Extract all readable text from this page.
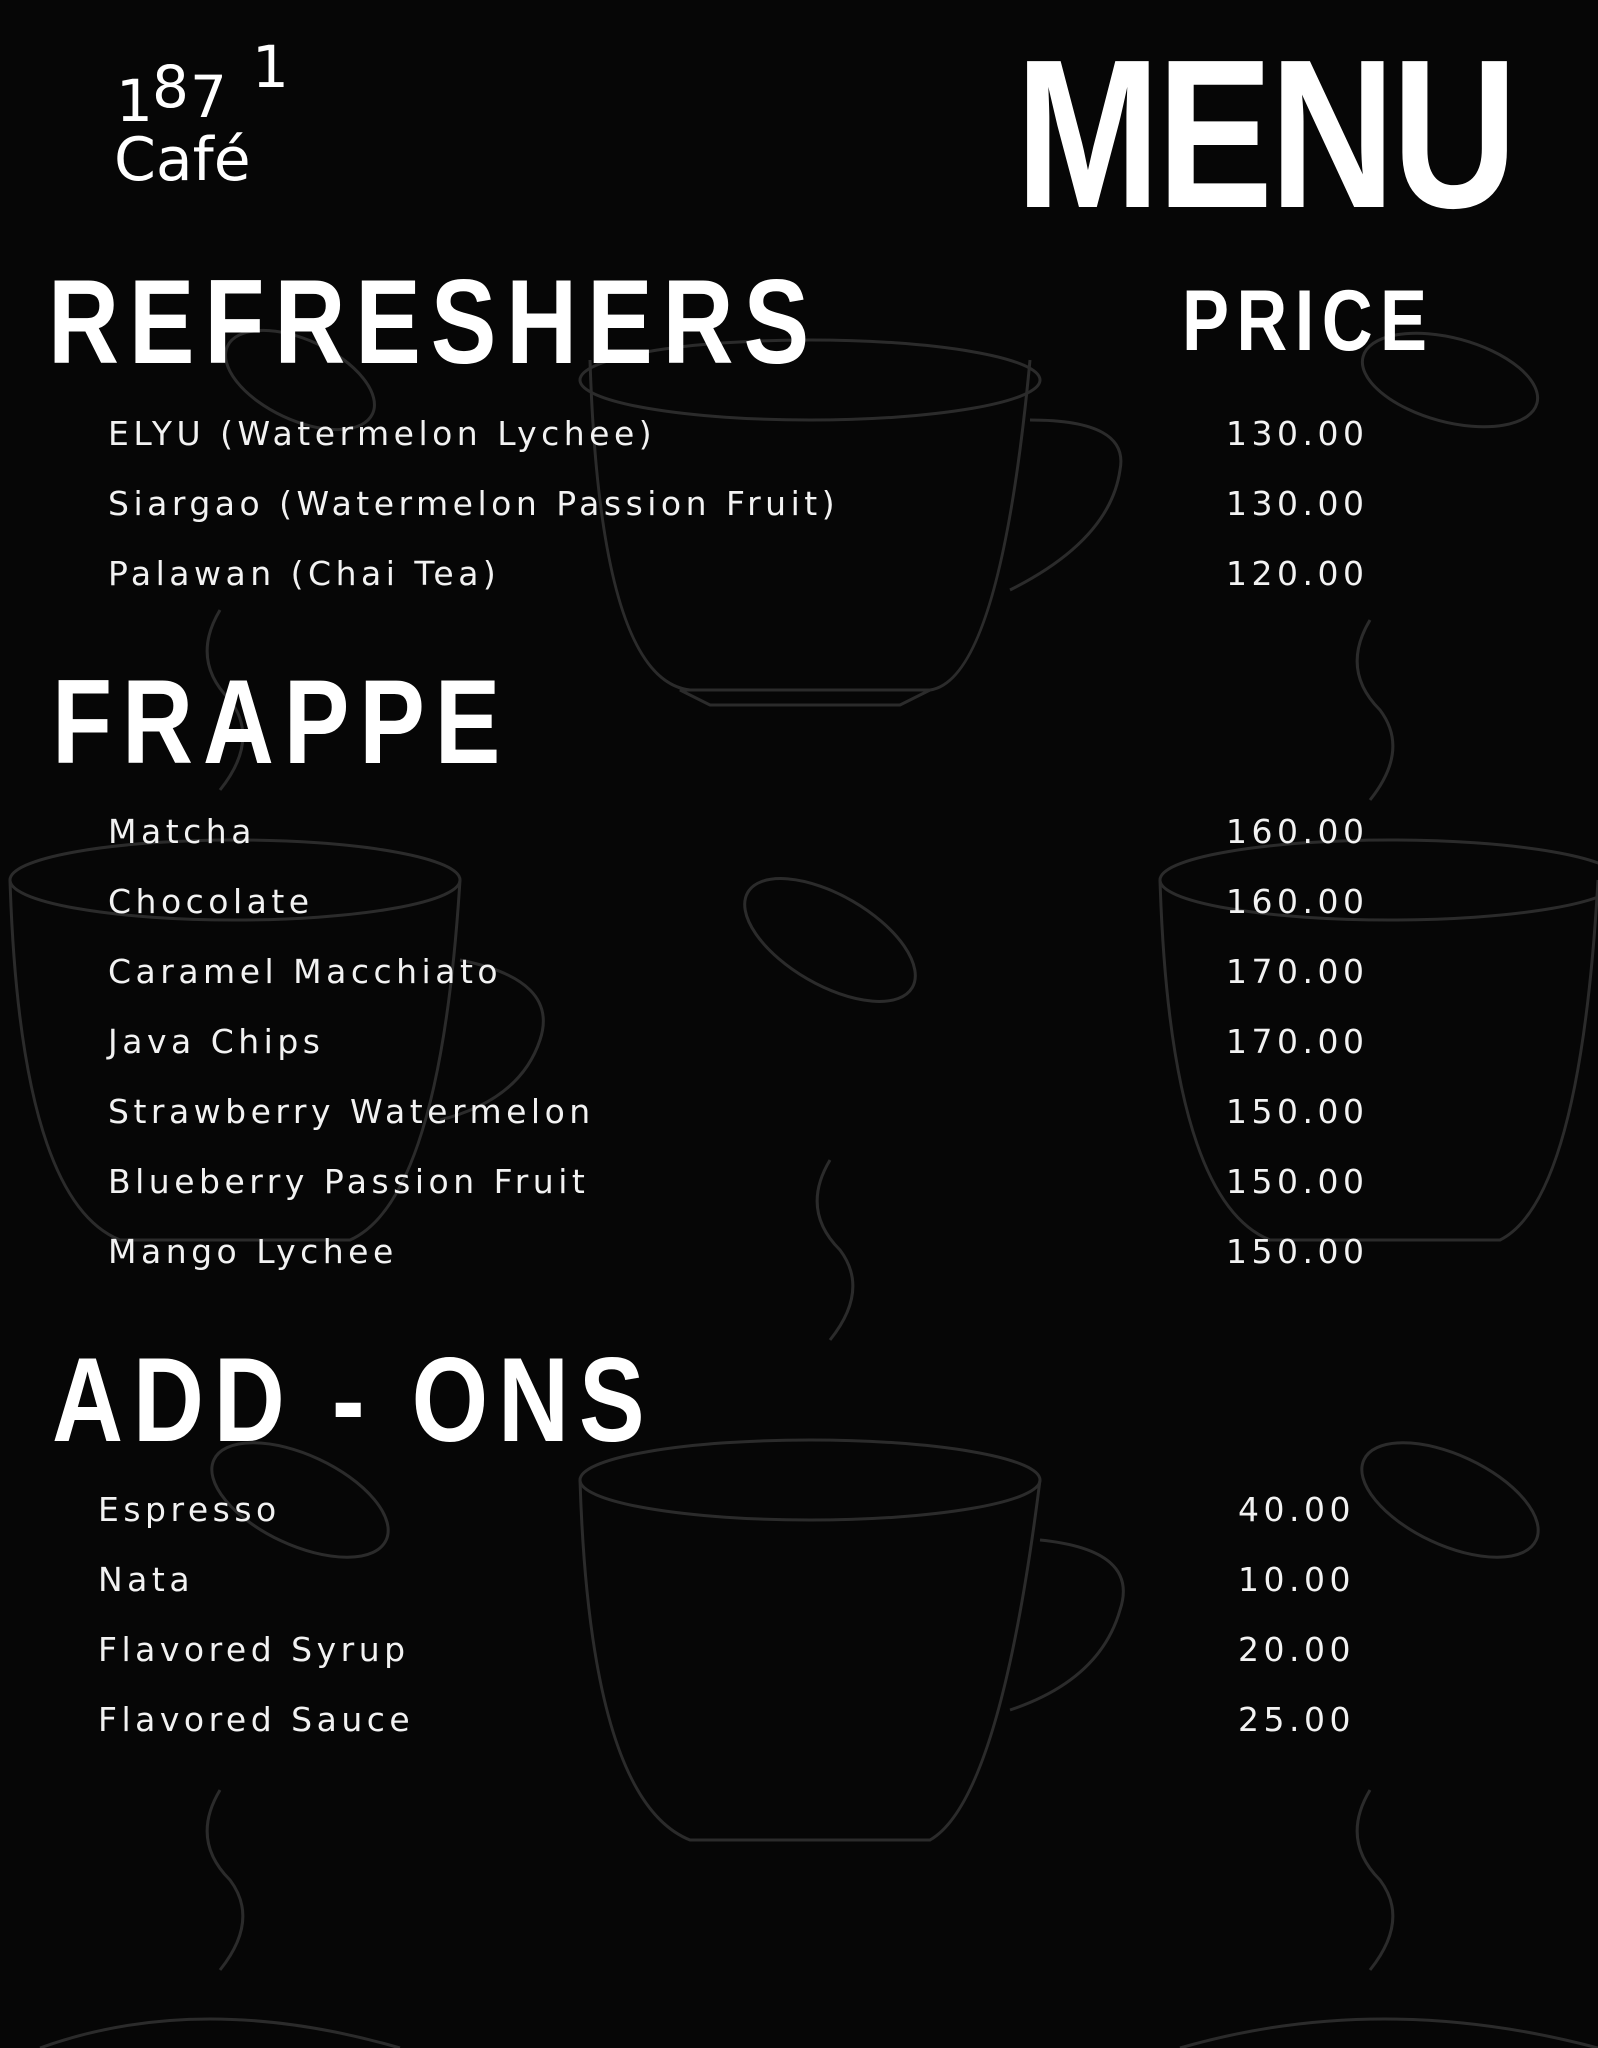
1 8 7 1
Café	MENU
REFRESHERS	PRICE
ELYU (Watermelon Lychee)	130.00
Siargao (Watermelon Passion Fruit)	130.00
Palawan (Chai Tea)	120.00
FRAPPE
Matcha	160.00
Chocolate	160.00
Caramel Macchiato	170.00
Java Chips	170.00
Strawberry Watermelon	150.00
Blueberry Passion Fruit	150.00
Mango Lychee	150.00
ADD - ONS
Espresso	40.00
Nata	10.00
Flavored Syrup	20.00
Flavored Sauce	25.00
